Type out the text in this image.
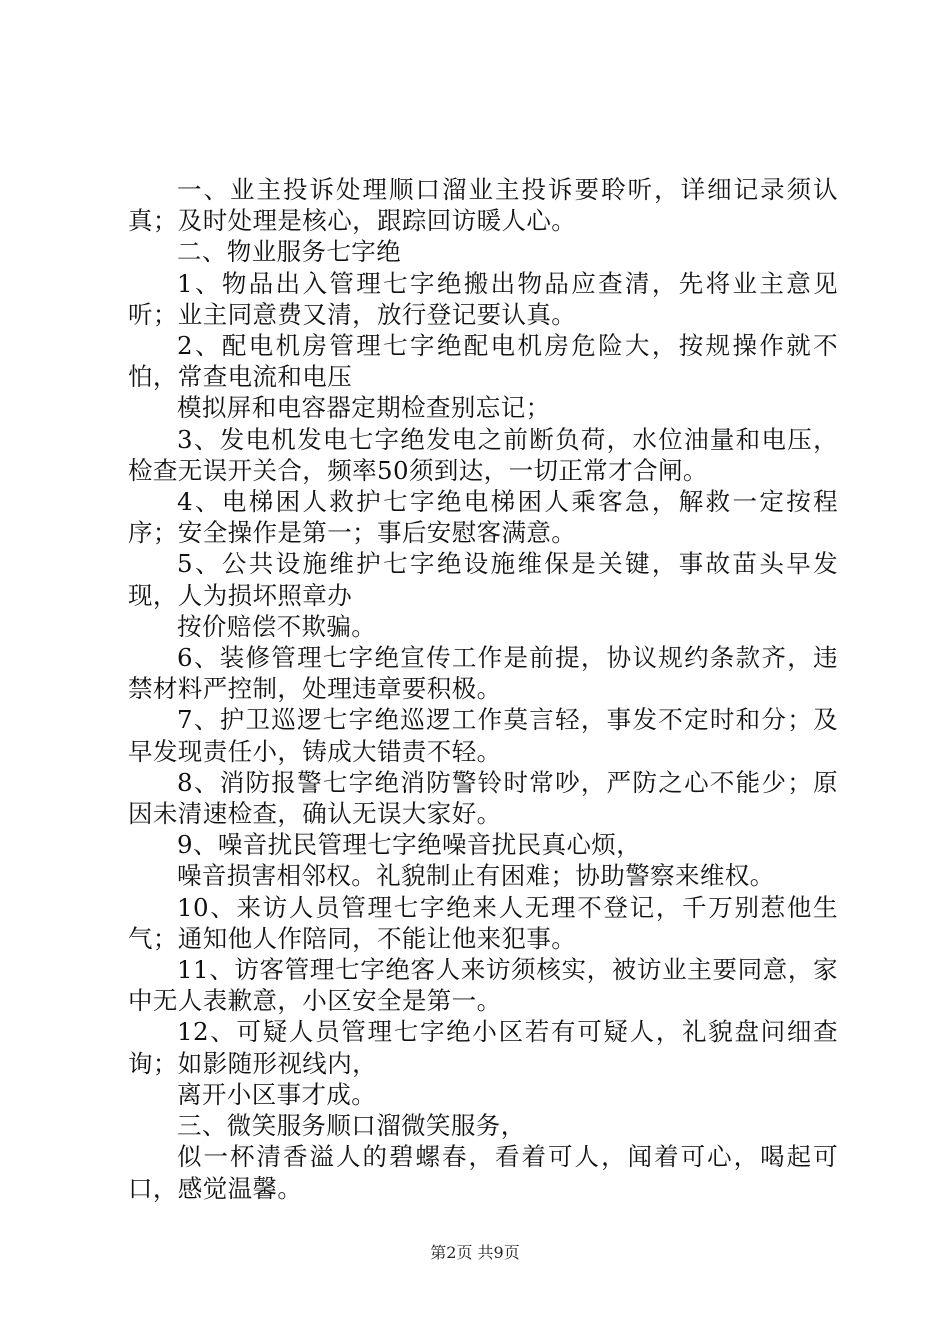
一、业主投诉处理顺口溜业主投诉要聆听，详细记录须认真；及时处理是核心，跟踪回访暖人心。

二、物业服务七字绝

1、物品出入管理七字绝搬出物品应查清，先将业主意见听；业主同意费又清，放行登记要认真。

2、配电机房管理七字绝配电机房危险大，按规操作就不怕，常查电流和电压

模拟屏和电容器定期检查别忘记；

3、发电机发电七字绝发电之前断负荷，水位油量和电压，检查无误开关合，频率50须到达，一切正常才合闸。

4、电梯困人救护七字绝电梯困人乘客急，解救一定按程序；安全操作是第一；事后安慰客满意。

5、公共设施维护七字绝设施维保是关键，事故苗头早发现，人为损坏照章办

按价赔偿不欺骗。

6、装修管理七字绝宣传工作是前提，协议规约条款齐，违禁材料严控制，处理违章要积极。

7、护卫巡逻七字绝巡逻工作莫言轻，事发不定时和分；及早发现责任小，铸成大错责不轻。

8、消防报警七字绝消防警铃时常吵，严防之心不能少；原因未清速检查，确认无误大家好。

9、噪音扰民管理七字绝噪音扰民真心烦，

噪音损害相邻权。礼貌制止有困难；协助警察来维权。

10、来访人员管理七字绝来人无理不登记，千万别惹他生气；通知他人作陪同，不能让他来犯事。

11、访客管理七字绝客人来访须核实，被访业主要同意，家中无人表歉意，小区安全是第一。

12、可疑人员管理七字绝小区若有可疑人，礼貌盘问细查询；如影随形视线内，

离开小区事才成。

三、微笑服务顺口溜微笑服务，

似一杯清香溢人的碧螺春，看着可人，闻着可心，喝起可口，感觉温馨。

第2页 共9页
